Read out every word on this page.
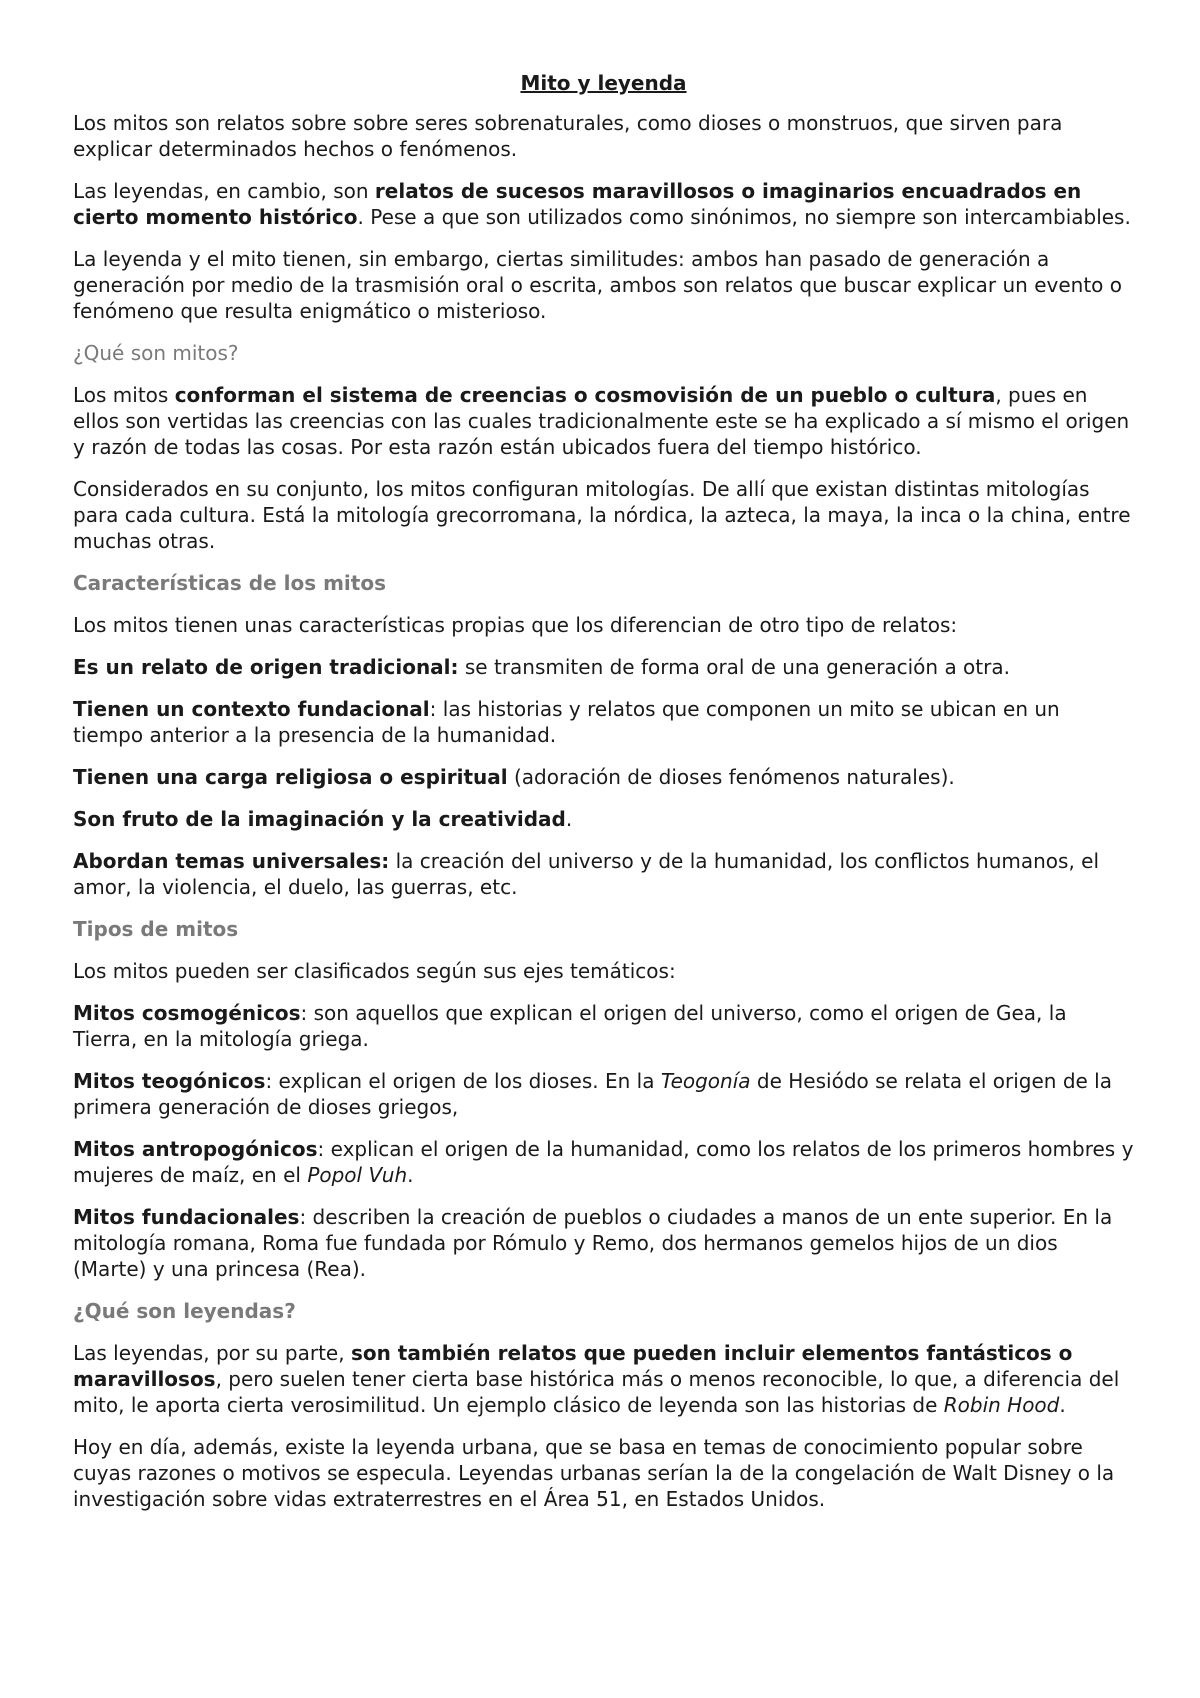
Mito y leyenda

Los mitos son relatos sobre sobre seres sobrenaturales, como dioses o monstruos, que sirven para explicar determinados hechos o fenómenos.

Las leyendas, en cambio, son relatos de sucesos maravillosos o imaginarios encuadrados en cierto momento histórico. Pese a que son utilizados como sinónimos, no siempre son intercambiables.

La leyenda y el mito tienen, sin embargo, ciertas similitudes: ambos han pasado de generación a generación por medio de la trasmisión oral o escrita, ambos son relatos que buscar explicar un evento o fenómeno que resulta enigmático o misterioso.

¿Qué son mitos?

Los mitos conforman el sistema de creencias o cosmovisión de un pueblo o cultura, pues en ellos son vertidas las creencias con las cuales tradicionalmente este se ha explicado a sí mismo el origen y razón de todas las cosas. Por esta razón están ubicados fuera del tiempo histórico.

Considerados en su conjunto, los mitos configuran mitologías. De allí que existan distintas mitologías para cada cultura. Está la mitología grecorromana, la nórdica, la azteca, la maya, la inca o la china, entre muchas otras.

Características de los mitos

Los mitos tienen unas características propias que los diferencian de otro tipo de relatos:

Es un relato de origen tradicional: se transmiten de forma oral de una generación a otra.

Tienen un contexto fundacional: las historias y relatos que componen un mito se ubican en un tiempo anterior a la presencia de la humanidad.

Tienen una carga religiosa o espiritual (adoración de dioses fenómenos naturales).

Son fruto de la imaginación y la creatividad.

Abordan temas universales: la creación del universo y de la humanidad, los conflictos humanos, el amor, la violencia, el duelo, las guerras, etc.

Tipos de mitos

Los mitos pueden ser clasificados según sus ejes temáticos:

Mitos cosmogénicos: son aquellos que explican el origen del universo, como el origen de Gea, la Tierra, en la mitología griega.

Mitos teogónicos: explican el origen de los dioses. En la Teogonía de Hesiódo se relata el origen de la primera generación de dioses griegos,

Mitos antropogónicos: explican el origen de la humanidad, como los relatos de los primeros hombres y mujeres de maíz, en el Popol Vuh.

Mitos fundacionales: describen la creación de pueblos o ciudades a manos de un ente superior. En la mitología romana, Roma fue fundada por Rómulo y Remo, dos hermanos gemelos hijos de un dios (Marte) y una princesa (Rea).

¿Qué son leyendas?

Las leyendas, por su parte, son también relatos que pueden incluir elementos fantásticos o maravillosos, pero suelen tener cierta base histórica más o menos reconocible, lo que, a diferencia del mito, le aporta cierta verosimilitud. Un ejemplo clásico de leyenda son las historias de Robin Hood.

Hoy en día, además, existe la leyenda urbana, que se basa en temas de conocimiento popular sobre cuyas razones o motivos se especula. Leyendas urbanas serían la de la congelación de Walt Disney o la investigación sobre vidas extraterrestres en el Área 51, en Estados Unidos.
